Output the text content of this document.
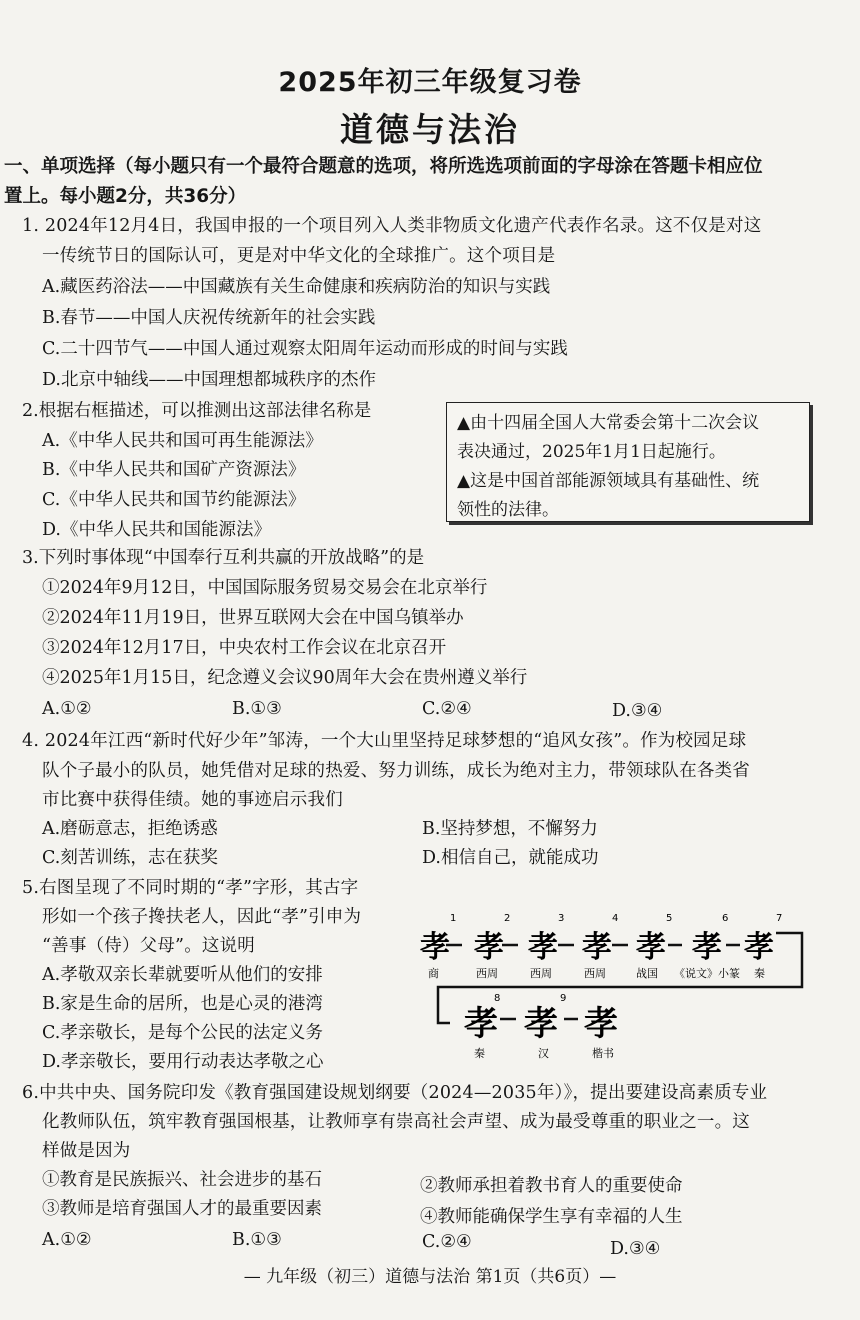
2025年初三年级复习卷
道德与法治
一、单项选择（每小题只有一个最符合题意的选项，将所选选项前面的字母涂在答题卡相应位
置上。每小题2分，共36分）
1. 2024年12月4日，我国申报的一个项目列入人类非物质文化遗产代表作名录。这不仅是对这
一传统节日的国际认可，更是对中华文化的全球推广。这个项目是
A.藏医药浴法——中国藏族有关生命健康和疾病防治的知识与实践
B.春节——中国人庆祝传统新年的社会实践
C.二十四节气——中国人通过观察太阳周年运动而形成的时间与实践
D.北京中轴线——中国理想都城秩序的杰作
2.根据右框描述，可以推测出这部法律名称是
A.《中华人民共和国可再生能源法》
B.《中华人民共和国矿产资源法》
C.《中华人民共和国节约能源法》
D.《中华人民共和国能源法》
▲由十四届全国人大常委会第十二次会议
表决通过，2025年1月1日起施行。
▲这是中国首部能源领域具有基础性、统
领性的法律。
3.下列时事体现“中国奉行互利共赢的开放战略”的是
①2024年9月12日，中国国际服务贸易交易会在北京举行
②2024年11月19日，世界互联网大会在中国乌镇举办
③2024年12月17日，中央农村工作会议在北京召开
④2025年1月15日，纪念遵义会议90周年大会在贵州遵义举行
A.①②	B.①③	C.②④	D.③④
4. 2024年江西“新时代好少年”邹涛，一个大山里坚持足球梦想的“追风女孩”。作为校园足球
队个子最小的队员，她凭借对足球的热爱、努力训练，成长为绝对主力，带领球队在各类省
市比赛中获得佳绩。她的事迹启示我们
A.磨砺意志，拒绝诱惑	B.坚持梦想，不懈努力
C.刻苦训练，志在获奖	D.相信自己，就能成功
5.右图呈现了不同时期的“孝”字形，其古字
形如一个孩子搀扶老人，因此“孝”引申为
“善事（侍）父母”。这说明
A.孝敬双亲长辈就要听从他们的安排
B.家是生命的居所，也是心灵的港湾
C.孝亲敬长，是每个公民的法定义务
D.孝亲敬长，要用行动表达孝敬之心
孝 孝 孝 孝 孝 孝 孝
1	2	3	4	5	6	7
8	9
商	西周	西周	西周	战国 《说文》小篆 秦
孝 孝 孝
秦	汉	楷书
6.中共中央、国务院印发《教育强国建设规划纲要（2024—2035年）》，提出要建设高素质专业
化教师队伍，筑牢教育强国根基，让教师享有崇高社会声望、成为最受尊重的职业之一。这
样做是因为
①教育是民族振兴、社会进步的基石	②教师承担着教书育人的重要使命
③教师是培育强国人才的最重要因素	④教师能确保学生享有幸福的人生
A.①②	B.①③	C.②④	D.③④
— 九年级（初三）道德与法治 第1页（共6页）—
